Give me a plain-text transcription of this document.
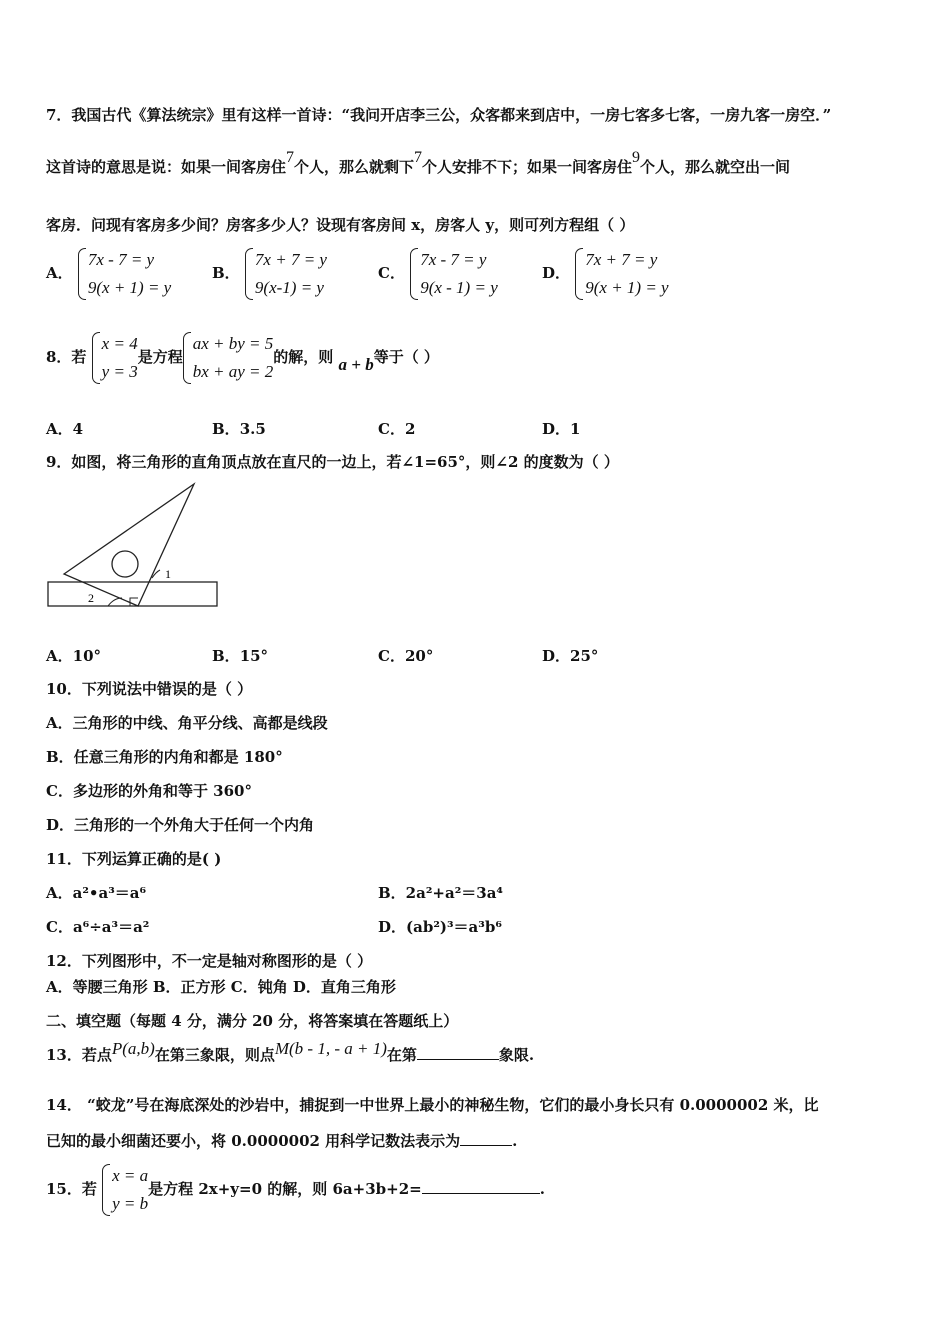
7．我国古代《算法统宗》里有这样一首诗：“我问开店李三公，众客都来到店中，一房七客多七客，一房九客一房空．”
这首诗的意思是说：如果一间客房住7个人，那么就剩下7个人安排不下；如果一间客房住9个人，那么就空出一间
客房．问现有客房多少间？房客多少人？设现有客房间 x，房客人 y，则可列方程组（ ）
A．
7x - 7 = y
9(x + 1) = y
B．
7x + 7 = y
9(x-1) = y
C．
7x - 7 = y
9(x - 1) = y
D．
7x + 7 = y
9(x + 1) = y
8．若
x = 4
y = 3
是方程
ax + by = 5
bx + ay = 2
的解，则 a + b等于（ ）
A．4	B．3.5	C．2	D．1
9．如图，将三角形的直角顶点放在直尺的一边上，若∠1=65°，则∠2 的度数为（ ）
1
2
A．10°	B．15°	C．20°	D．25°
10．下列说法中错误的是（ ）
A．三角形的中线、角平分线、高都是线段
B．任意三角形的内角和都是 180°
C．多边形的外角和等于 360°
D．三角形的一个外角大于任何一个内角
11．下列运算正确的是( )
A．a²•a³＝a⁶	B．2a²+a²＝3a⁴
C．a⁶÷a³＝a²	D．(ab²)³＝a³b⁶
12．下列图形中，不一定是轴对称图形的是（ ）
A．等腰三角形 B．正方形 C．钝角 D．直角三角形
二、填空题（每题 4 分，满分 20 分，将答案填在答题纸上）
13．若点P(a,b)在第三象限，则点M(b - 1, - a + 1)在第	象限.
14． “蛟龙”号在海底深处的沙岩中，捕捉到一中世界上最小的神秘生物，它们的最小身长只有 0.0000002 米，比
已知的最小细菌还要小，将 0.0000002 用科学记数法表示为	.
15．若
x = a
y = b
是方程 2x+y=0 的解，则 6a+3b+2=	.
